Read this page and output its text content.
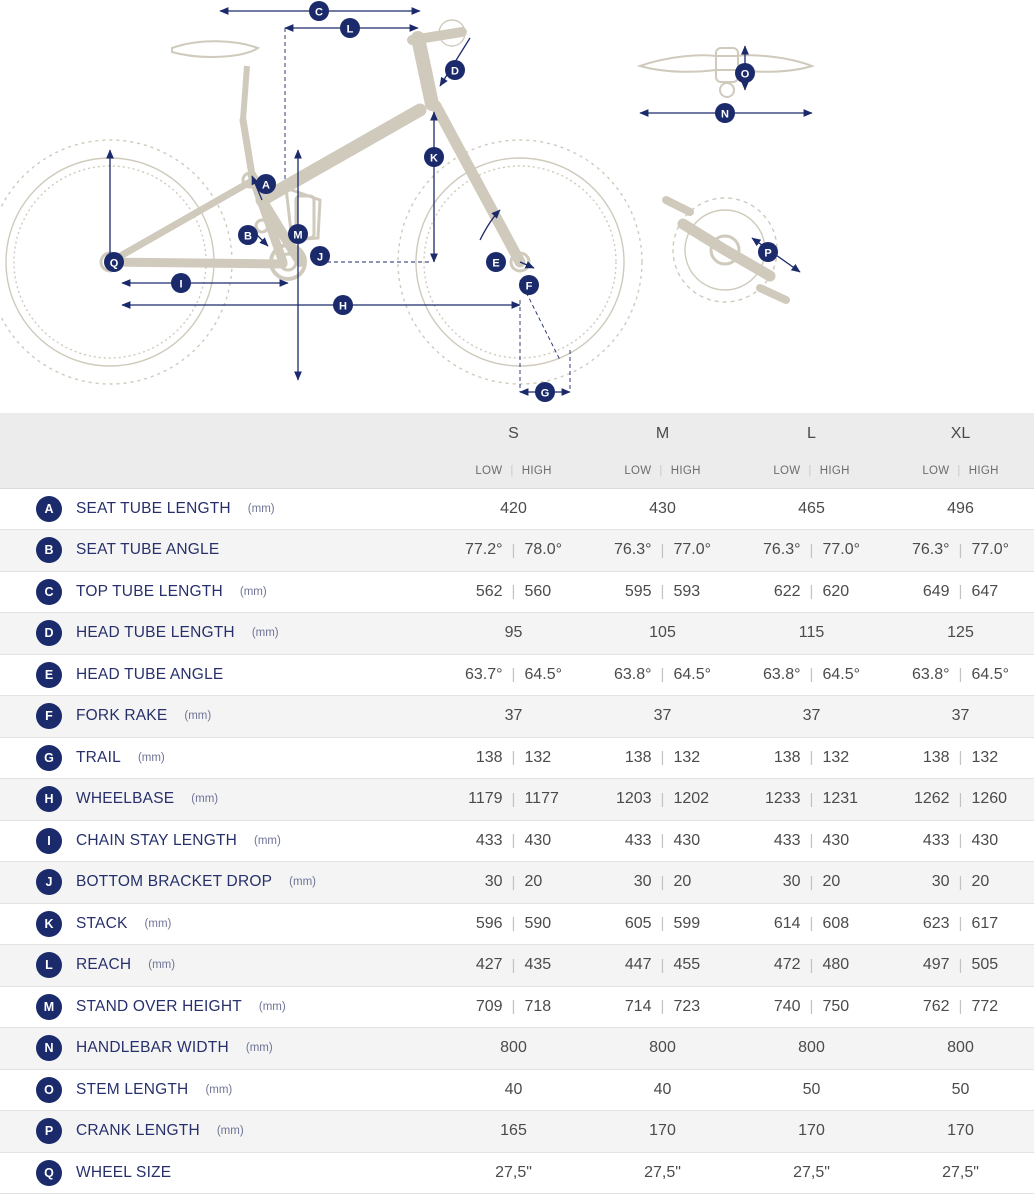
C
L
D
K
A
B	M
J
Q
I
H
E
F
G
N
O
P
	S	M	L	XL

	LOW | HIGH	LOW | HIGH	LOW | HIGH	LOW | HIGH

A SEAT TUBE LENGTH (mm)	420	430	465	496

B SEAT TUBE ANGLE	77.2° | 78.0°	76.3° | 77.0°	76.3° | 77.0°	76.3° | 77.0°

C TOP TUBE LENGTH (mm)	562 | 560	595 | 593	622 | 620	649 | 647

D HEAD TUBE LENGTH (mm)	95	105	115	125

E HEAD TUBE ANGLE	63.7° | 64.5°	63.8° | 64.5°	63.8° | 64.5°	63.8° | 64.5°

F FORK RAKE (mm)	37	37	37	37

G TRAIL (mm)	138 | 132	138 | 132	138 | 132	138 | 132

H WHEELBASE (mm)	1179 | 1177	1203 | 1202	1233 | 1231	1262 | 1260

I CHAIN STAY LENGTH (mm)	433 | 430	433 | 430	433 | 430	433 | 430

J BOTTOM BRACKET DROP (mm)	30 | 20	30 | 20	30 | 20	30 | 20

K STACK (mm)	596 | 590	605 | 599	614 | 608	623 | 617

L REACH (mm)	427 | 435	447 | 455	472 | 480	497 | 505

M STAND OVER HEIGHT (mm)	709 | 718	714 | 723	740 | 750	762 | 772

N HANDLEBAR WIDTH (mm)	800	800	800	800

O STEM LENGTH (mm)	40	40	50	50

P CRANK LENGTH (mm)	165	170	170	170

Q WHEEL SIZE	27,5"	27,5"	27,5"	27,5"
